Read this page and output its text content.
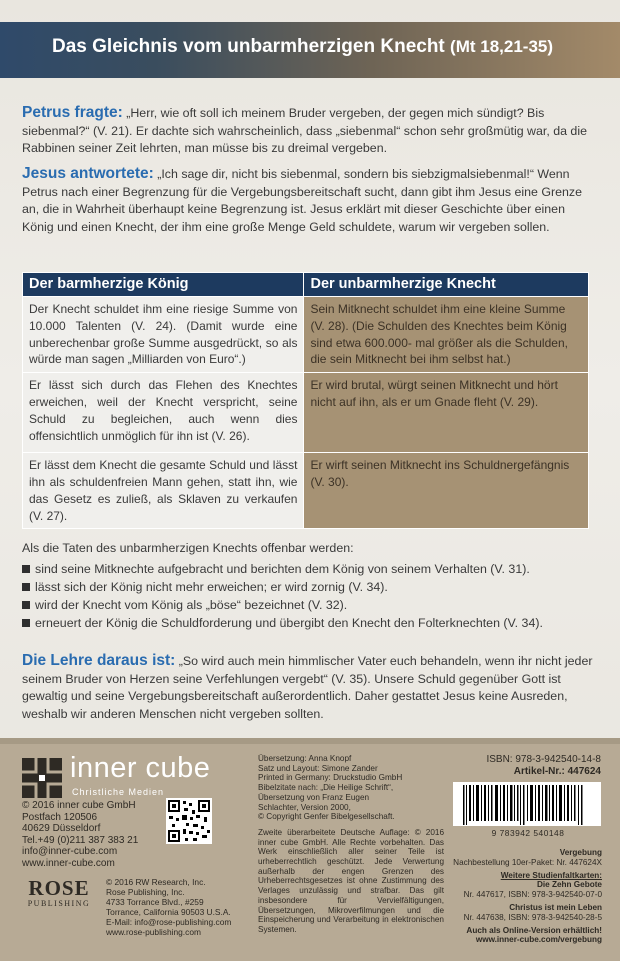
Das Gleichnis vom unbarmherzigen Knecht (Mt 18,21-35)
Petrus fragte: „Herr, wie oft soll ich meinem Bruder vergeben, der gegen mich sündigt? Bis siebenmal?“ (V. 21). Er dachte sich wahrscheinlich, dass „siebenmal“ schon sehr großmütig war, da die Rabbinen seiner Zeit lehrten, man müsse bis zu dreimal vergeben.
Jesus antwortete: „Ich sage dir, nicht bis siebenmal, sondern bis siebzigmalsiebenmal!“ Wenn Petrus nach einer Begrenzung für die Vergebungsbereitschaft sucht, dann gibt ihm Jesus eine Grenze an, die in Wahrheit überhaupt keine Begrenzung ist. Jesus erklärt mit dieser Geschichte über einen König und einen Knecht, der ihm eine große Menge Geld schuldete, warum wir vergeben sollen.
Der barmherzige König	Der unbarmherzige Knecht
Der Knecht schuldet ihm eine riesige Summe von 10.000 Talenten (V. 24). (Damit wurde eine unberechenbar große Summe ausgedrückt, so als würde man sagen „Milliarden von Euro“.)	Sein Mitknecht schuldet ihm eine kleine Summe (V. 28). (Die Schulden des Knechtes beim König sind etwa 600.000- mal größer als die Schulden, die sein Mitknecht bei ihm selbst hat.)
Er lässt sich durch das Flehen des Knechtes erweichen, weil der Knecht verspricht, seine Schuld zu begleichen, auch wenn dies offensichtlich unmöglich für ihn ist (V. 26).	Er wird brutal, würgt seinen Mitknecht und hört nicht auf ihn, als er um Gnade fleht (V. 29).
Er lässt dem Knecht die gesamte Schuld und lässt ihn als schuldenfreien Mann gehen, statt ihn, wie das Gesetz es zuließ, als Sklaven zu verkaufen (V. 27).	Er wirft seinen Mitknecht ins Schuldnergefängnis (V. 30).
Als die Taten des unbarmherzigen Knechts offenbar werden:
sind seine Mitknechte aufgebracht und berichten dem König von seinem Verhalten (V. 31).
lässt sich der König nicht mehr erweichen; er wird zornig (V. 34).
wird der Knecht vom König als „böse“ bezeichnet (V. 32).
erneuert der König die Schuldforderung und übergibt den Knecht den Folterknechten (V. 34).
Die Lehre daraus ist: „So wird auch mein himmlischer Vater euch behandeln, wenn ihr nicht jeder seinem Bruder von Herzen seine Verfehlungen vergebt“ (V. 35). Unsere Schuld gegenüber Gott ist gewaltig und seine Vergebungsbereitschaft außerordentlich. Daher gestattet Jesus keine Ausreden, weshalb wir anderen Menschen nicht vergeben sollten.
inner cube
Christliche Medien
© 2016 inner cube GmbH
Postfach 120506
40629 Düsseldorf
Tel.+49 (0)211 387 383 21
info@inner-cube.com
www.inner-cube.com
ROSE
PUBLISHING
© 2016 RW Research, Inc.
Rose Publishing, Inc.
4733 Torrance Blvd., #259
Torrance, California 90503 U.S.A.
E-Mail: info@rose-publishing.com
www.rose-publishing.com
Übersetzung: Anna Knopf
Satz und Layout: Simone Zander
Printed in Germany: Druckstudio GmbH
Bibelzitate nach: „Die Heilige Schrift“,
Übersetzung von Franz Eugen
Schlachter, Version 2000,
© Copyright Genfer Bibelgesellschaft.
Zweite überarbeitete Deutsche Auflage: © 2016 inner cube GmbH. Alle Rechte vorbehalten. Das Werk einschließlich aller seiner Teile ist urheberrechtlich geschützt. Jede Verwertung außerhalb der engen Grenzen des Urheberrechtsgesetzes ist ohne Zustimmung des Verlages unzulässig und strafbar. Das gilt insbesondere für Vervielfältigungen, Übersetzungen, Mikroverfilmungen und die Einspeicherung und Verarbeitung in elektronischen Systemen.
ISBN: 978-3-942540-14-8
Artikel-Nr.: 447624
9 783942 540148
Vergebung
Nachbestellung 10er-Paket: Nr. 447624X
Weitere Studienfaltkarten:
Die Zehn Gebote
Nr. 447617, ISBN: 978-3-942540-07-0
Christus ist mein Leben
Nr. 447638, ISBN: 978-3-942540-28-5
Auch als Online-Version erhältlich!
www.inner-cube.com/vergebung
